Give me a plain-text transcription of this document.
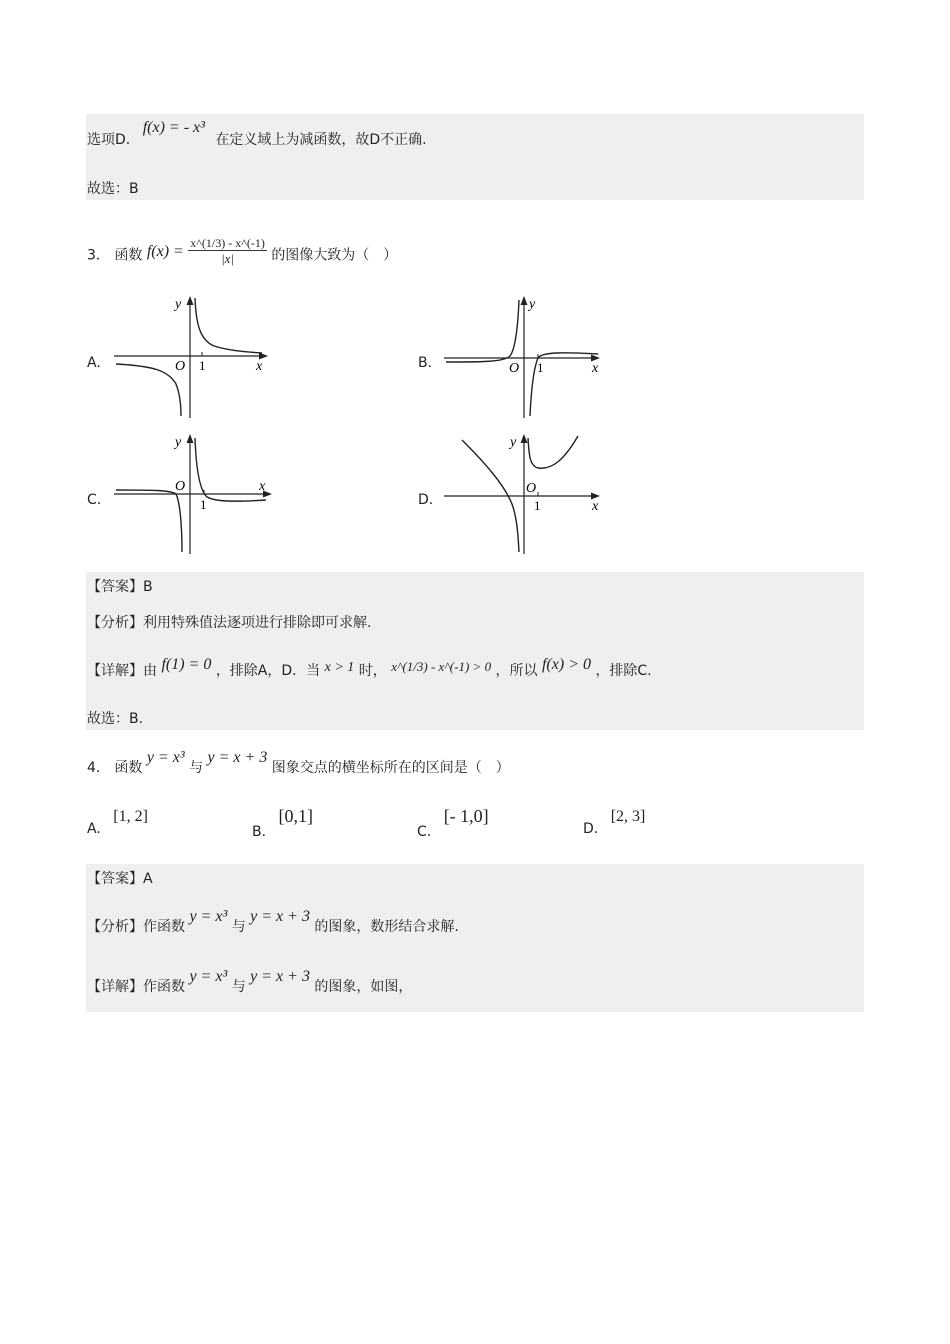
选项D. f(x) = - x³ 在定义域上为减函数，故D不正确.
故选：B
3． 函数 $f(x) = \frac{x\^{}(1/3) - x\^{}(-1)}{|x|}$ 的图像大致为（　）
A.	B.
C.	D.
y
x
O 1
y
x
O 1
y
x
O
1
y
x
O
1
【答案】B
【分析】利用特殊值法逐项进行排除即可求解.
【详解】由 f(1) = 0 ，排除A，D．当 x > 1 时， x^(1/3) - x^(-1) > 0 ，所以 f(x) > 0 ，排除C.
故选：B.
4． 函数 y = x³ 与 y = x + 3 图象交点的横坐标所在的区间是（　）
A. [1, 2]
B. [0,1]
C. [- 1,0]
D. [2, 3]
【答案】A
【分析】作函数 y = x³ 与 y = x + 3 的图象，数形结合求解.
【详解】作函数 y = x³ 与 y = x + 3 的图象，如图，
